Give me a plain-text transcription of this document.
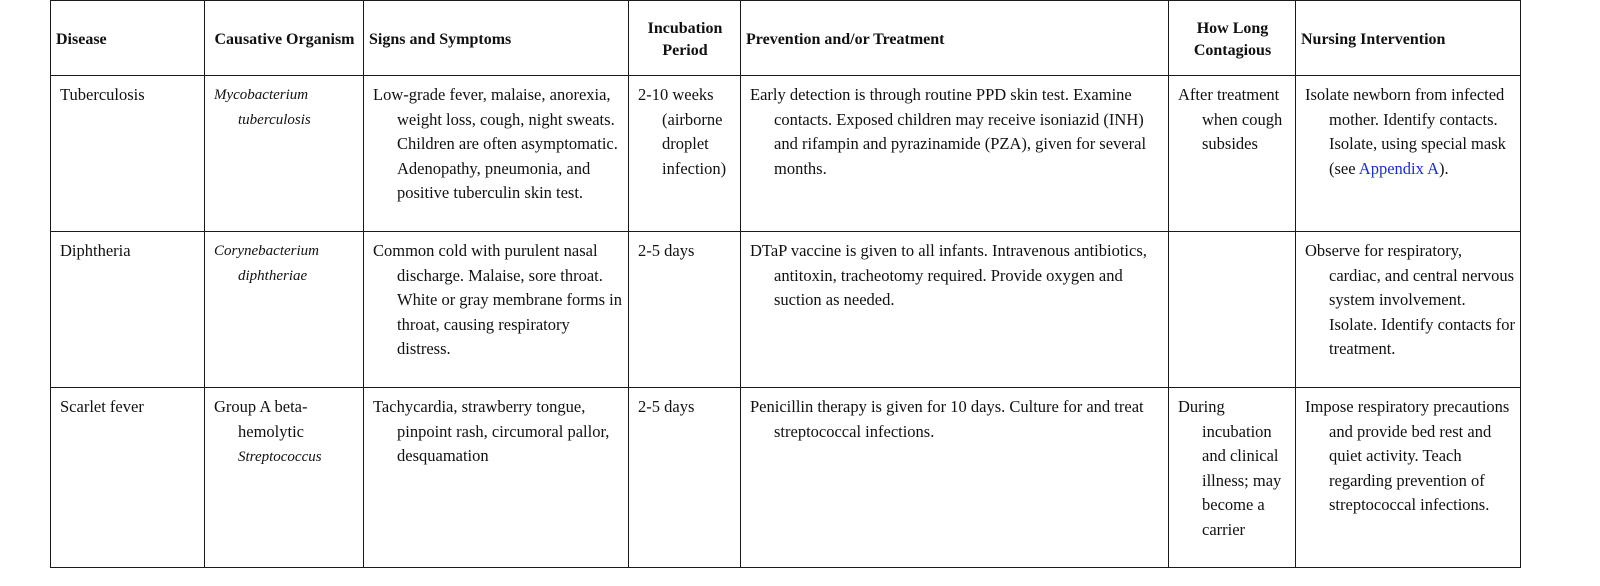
Disease	Causative Organism	Signs and Symptoms	Incubation Period	Prevention and/or Treatment	How Long Contagious	Nursing Intervention
Tuberculosis	Mycobacterium tuberculosis	Low-grade fever, malaise, anorexia, weight loss, cough, night sweats. Children are often asymptomatic. Adenopathy, pneumonia, and positive tuberculin skin test.	2-10 weeks (airborne droplet infection)	Early detection is through routine PPD skin test. Examine contacts. Exposed children may receive isoniazid (INH) and rifampin and pyrazinamide (PZA), given for several months.	After treatment when cough subsides	Isolate newborn from infected mother. Identify contacts. Isolate, using special mask (see Appendix A).

Diphtheria	Corynebacterium diphtheriae	Common cold with purulent nasal discharge. Malaise, sore throat. White or gray membrane forms in throat, causing respiratory distress.	2-5 days	DTaP vaccine is given to all infants. Intravenous antibiotics, antitoxin, tracheotomy required. Provide oxygen and suction as needed.		Observe for respiratory, cardiac, and central nervous system involvement. Isolate. Identify contacts for treatment.

Scarlet fever	Group A beta-hemolytic Streptococcus	Tachycardia, strawberry tongue, pinpoint rash, circumoral pallor, desquamation	2-5 days	Penicillin therapy is given for 10 days. Culture for and treat streptococcal infections.	During incubation and clinical illness; may become a carrier	Impose respiratory precautions and provide bed rest and quiet activity. Teach regarding prevention of streptococcal infections.
